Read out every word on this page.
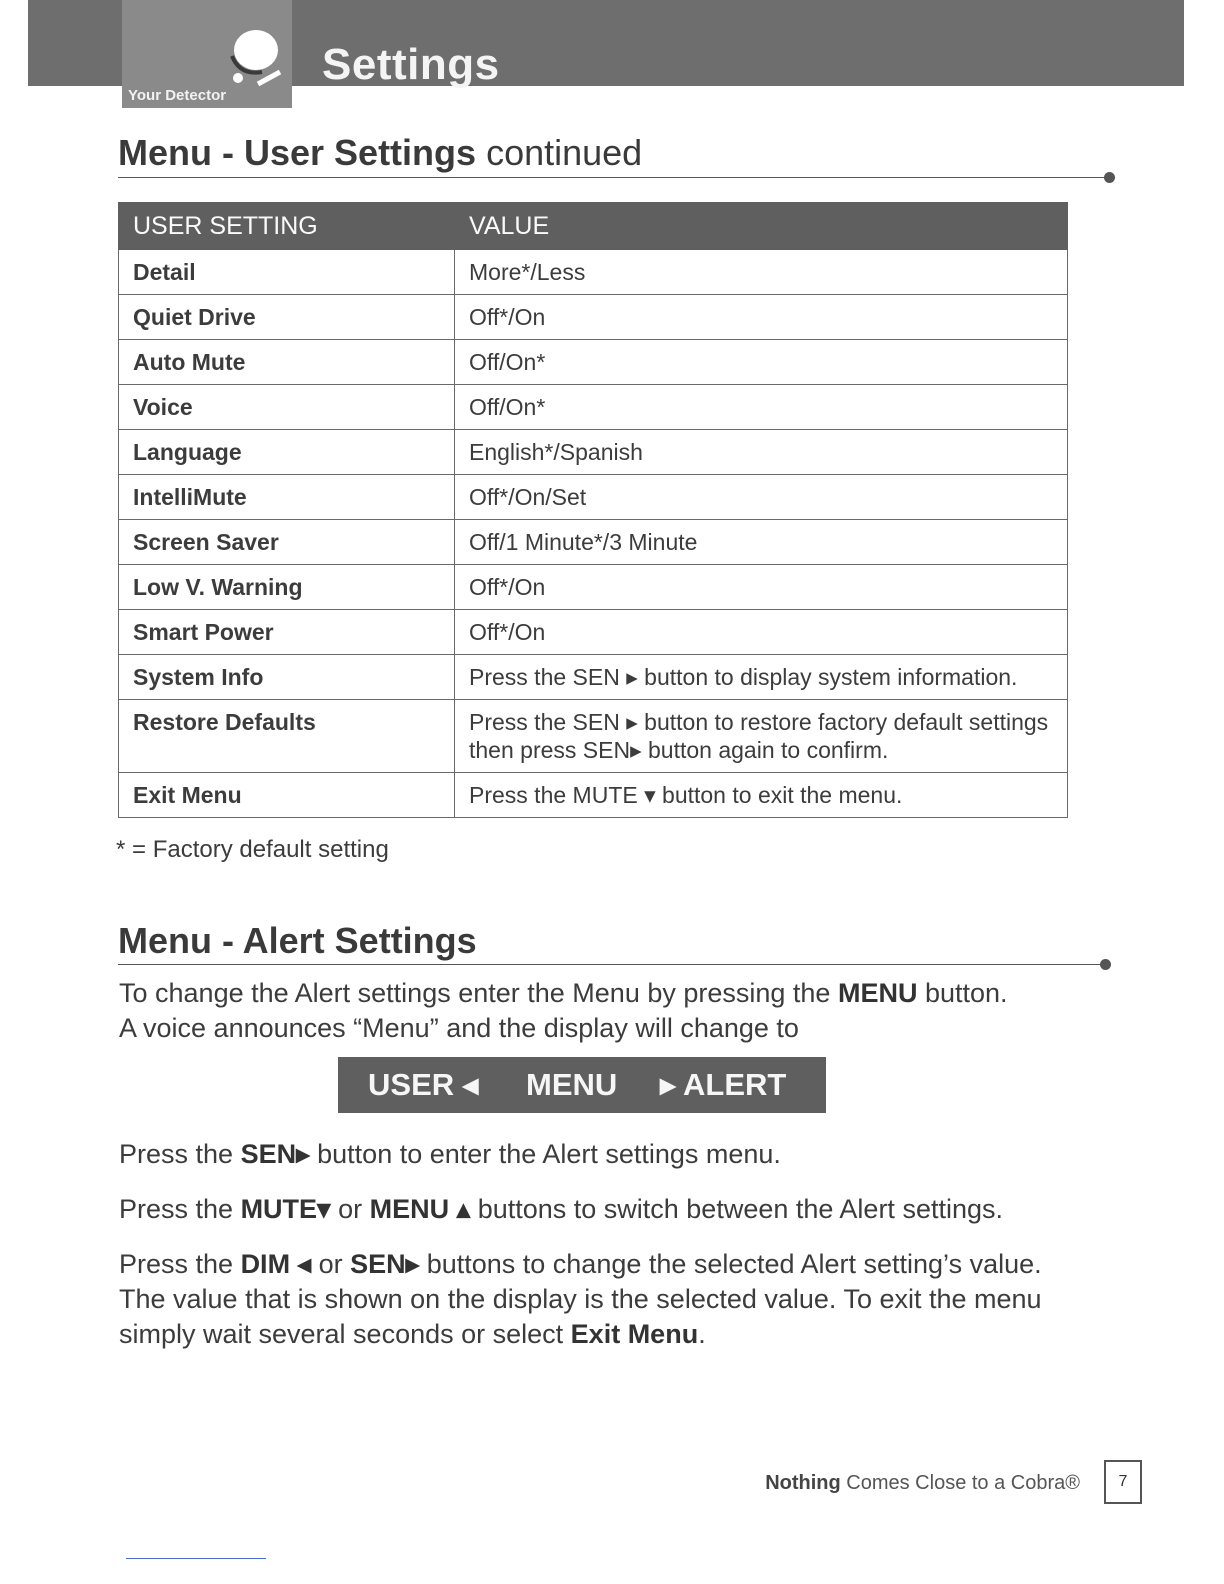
Your Detector
Settings
Menu - User Settings continued
USER SETTING	VALUE
Detail	More*/Less
Quiet Drive	Off*/On
Auto Mute	Off/On*
Voice	Off/On*
Language	English*/Spanish
IntelliMute	Off*/On/Set
Screen Saver	Off/1 Minute*/3 Minute
Low V. Warning	Off*/On
Smart Power	Off*/On
System Info	Press the SEN ▸ button to display system information.
Restore Defaults	Press the SEN ▸ button to restore factory default settings
then press SEN▸ button again to confirm.

Exit Menu	Press the MUTE ▾ button to exit the menu.
* = Factory default setting
Menu - Alert Settings
To change the Alert settings enter the Menu by pressing the MENU button.
A voice announces “Menu” and the display will change to
USER ◂ MENU ▸ ALERT
Press the SEN▸ button to enter the Alert settings menu.
Press the MUTE▾ or MENU ▴ buttons to switch between the Alert settings.
Press the DIM ◂ or SEN▸ buttons to change the selected Alert setting’s value. The value that is shown on the display is the selected value. To exit the menu simply wait several seconds or select Exit Menu.
Nothing Comes Close to a Cobra®	7
